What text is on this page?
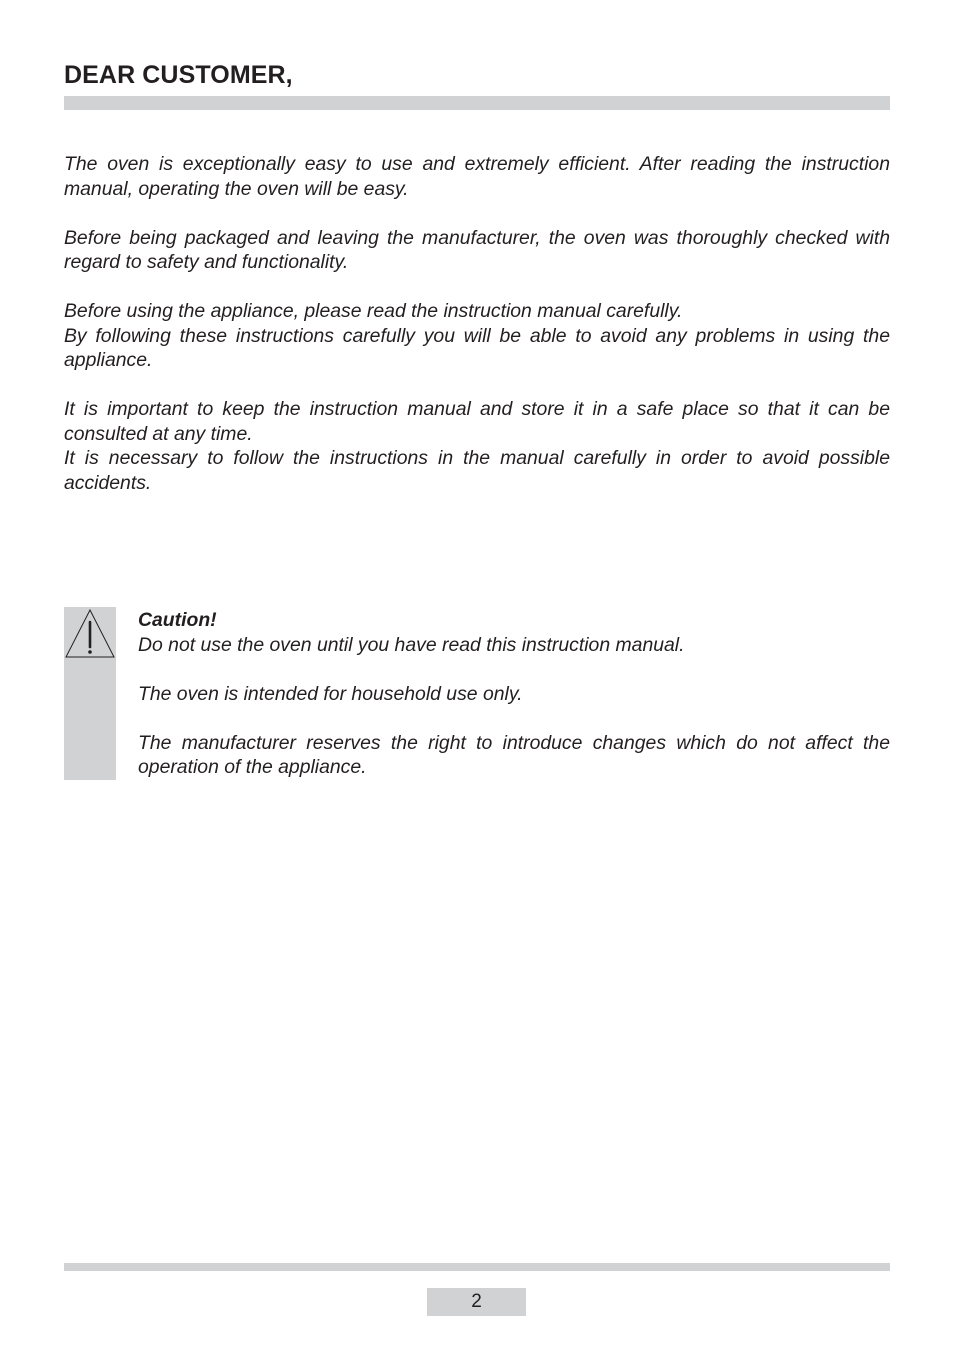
DEAR CUSTOMER,

The oven is exceptionally easy to use and extremely efficient. After reading the instruction manual, operating the oven will be easy.

Before being packaged and leaving the manufacturer, the oven was thoroughly checked with regard to safety and functionality.

Before using the appliance, please read the instruction manual carefully.
By following these instructions carefully you will be able to avoid any problems in using the appliance.

It is important to keep the instruction manual and store it in a safe place so that it can be consulted at any time.
It is necessary to follow the instructions in the manual carefully in order to avoid possible accidents.

Caution!

Do not use the oven until you have read this instruction manual.

The oven is intended for household use only.

The manufacturer reserves the right to introduce changes which do not affect the operation of the appliance.

2
